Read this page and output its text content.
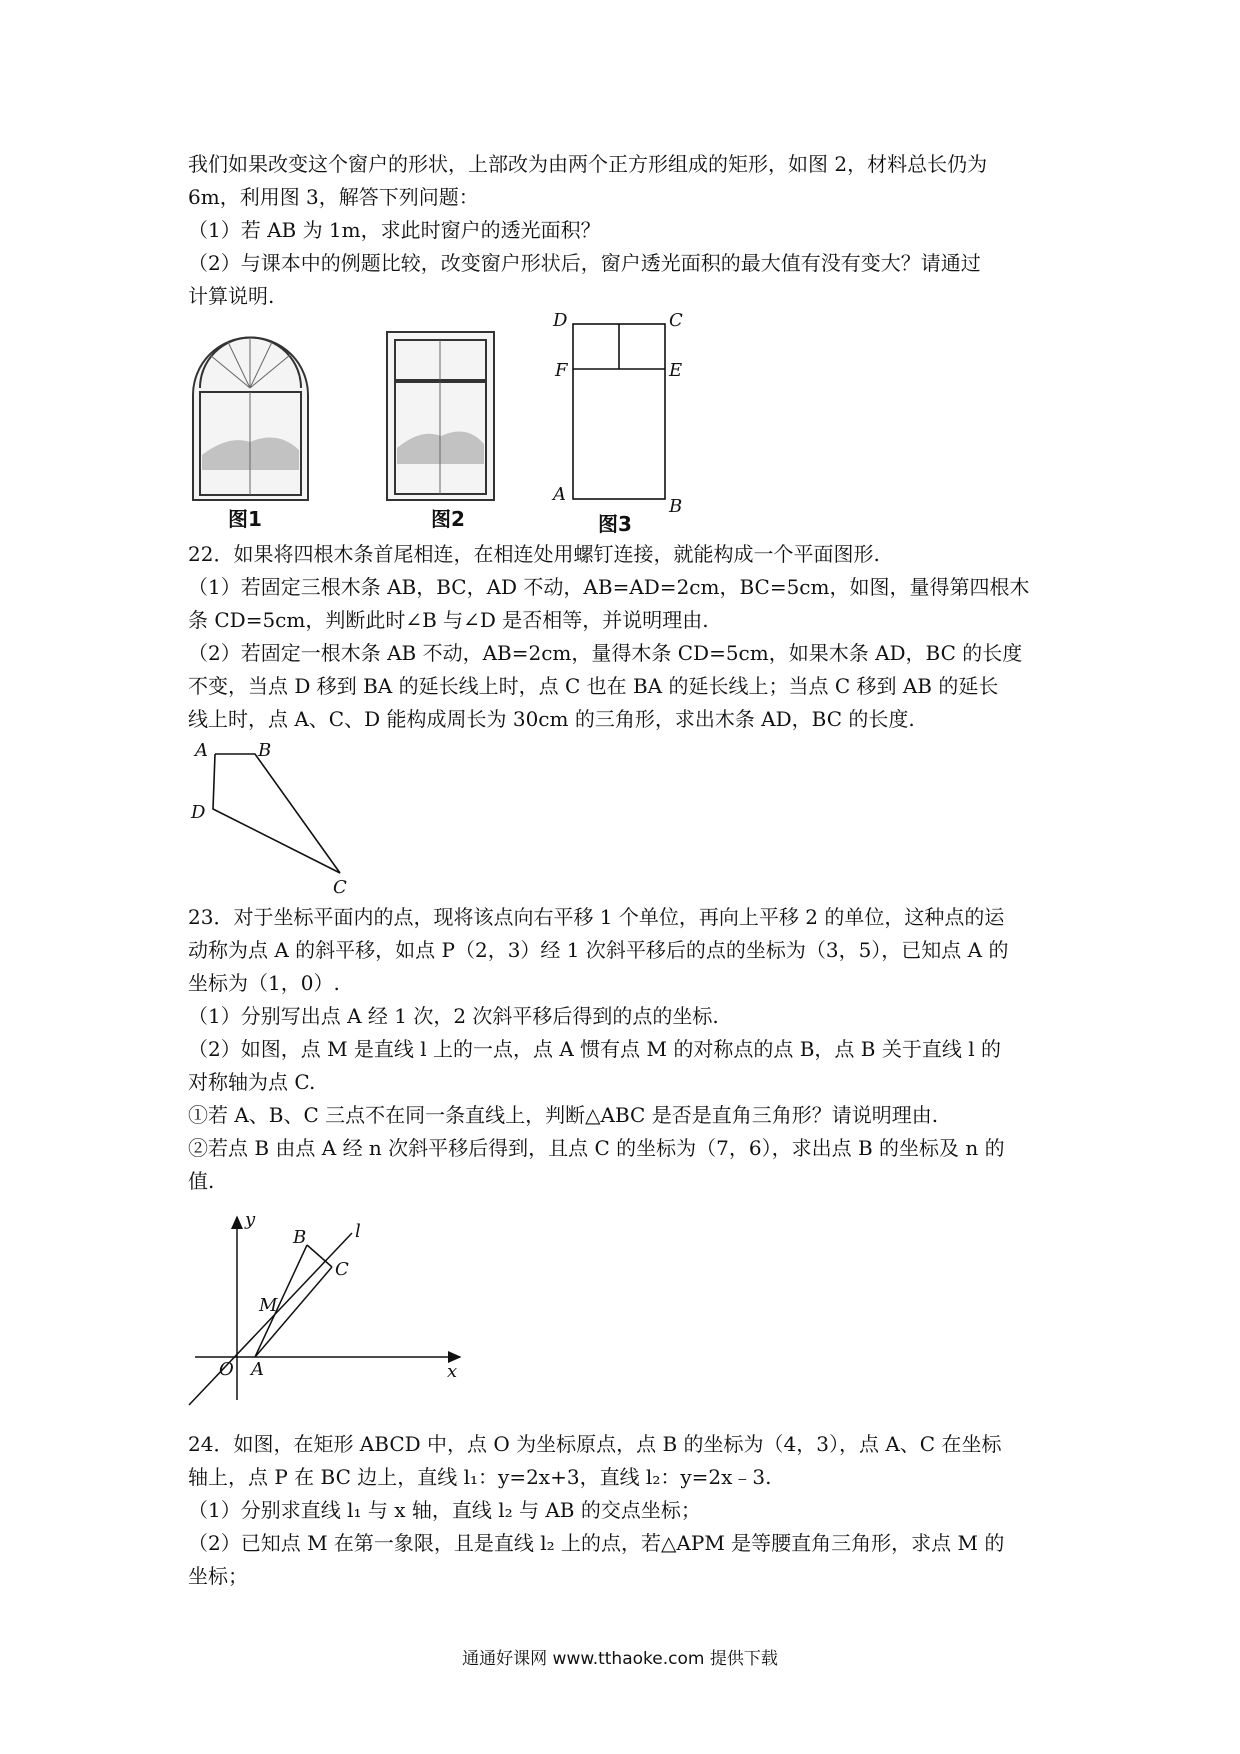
我们如果改变这个窗户的形状，上部改为由两个正方形组成的矩形，如图 2，材料总长仍为
6m，利用图 3，解答下列问题：
（1）若 AB 为 1m，求此时窗户的透光面积？
（2）与课本中的例题比较，改变窗户形状后，窗户透光面积的最大值有没有变大？请通过
计算说明.
图1	图2
D	C
F	E
A
B
图3
22．如果将四根木条首尾相连，在相连处用螺钉连接，就能构成一个平面图形.
（1）若固定三根木条 AB，BC，AD 不动，AB=AD=2cm，BC=5cm，如图，量得第四根木
条 CD=5cm，判断此时∠B 与∠D 是否相等，并说明理由.
（2）若固定一根木条 AB 不动，AB=2cm，量得木条 CD=5cm，如果木条 AD，BC 的长度
不变，当点 D 移到 BA 的延长线上时，点 C 也在 BA 的延长线上；当点 C 移到 AB 的延长
线上时，点 A、C、D 能构成周长为 30cm 的三角形，求出木条 AD，BC 的长度.
A	B
D
C
23．对于坐标平面内的点，现将该点向右平移 1 个单位，再向上平移 2 的单位，这种点的运
动称为点 A 的斜平移，如点 P（2，3）经 1 次斜平移后的点的坐标为（3，5），已知点 A 的
坐标为（1，0）.
（1）分别写出点 A 经 1 次，2 次斜平移后得到的点的坐标.
（2）如图，点 M 是直线 l 上的一点，点 A 惯有点 M 的对称点的点 B，点 B 关于直线 l 的
对称轴为点 C.
①若 A、B、C 三点不在同一条直线上，判断△ABC 是否是直角三角形？请说明理由.
②若点 B 由点 A 经 n 次斜平移后得到，且点 C 的坐标为（7，6），求出点 B 的坐标及 n 的
值.
y
x
O A
B
M
C
l
24．如图，在矩形 ABCD 中，点 O 为坐标原点，点 B 的坐标为（4，3），点 A、C 在坐标
轴上，点 P 在 BC 边上，直线 l₁：y=2x+3，直线 l₂：y=2x﹣3.
（1）分别求直线 l₁ 与 x 轴，直线 l₂ 与 AB 的交点坐标；
（2）已知点 M 在第一象限，且是直线 l₂ 上的点，若△APM 是等腰直角三角形，求点 M 的
坐标；
通通好课网 www.tthaoke.com 提供下载
